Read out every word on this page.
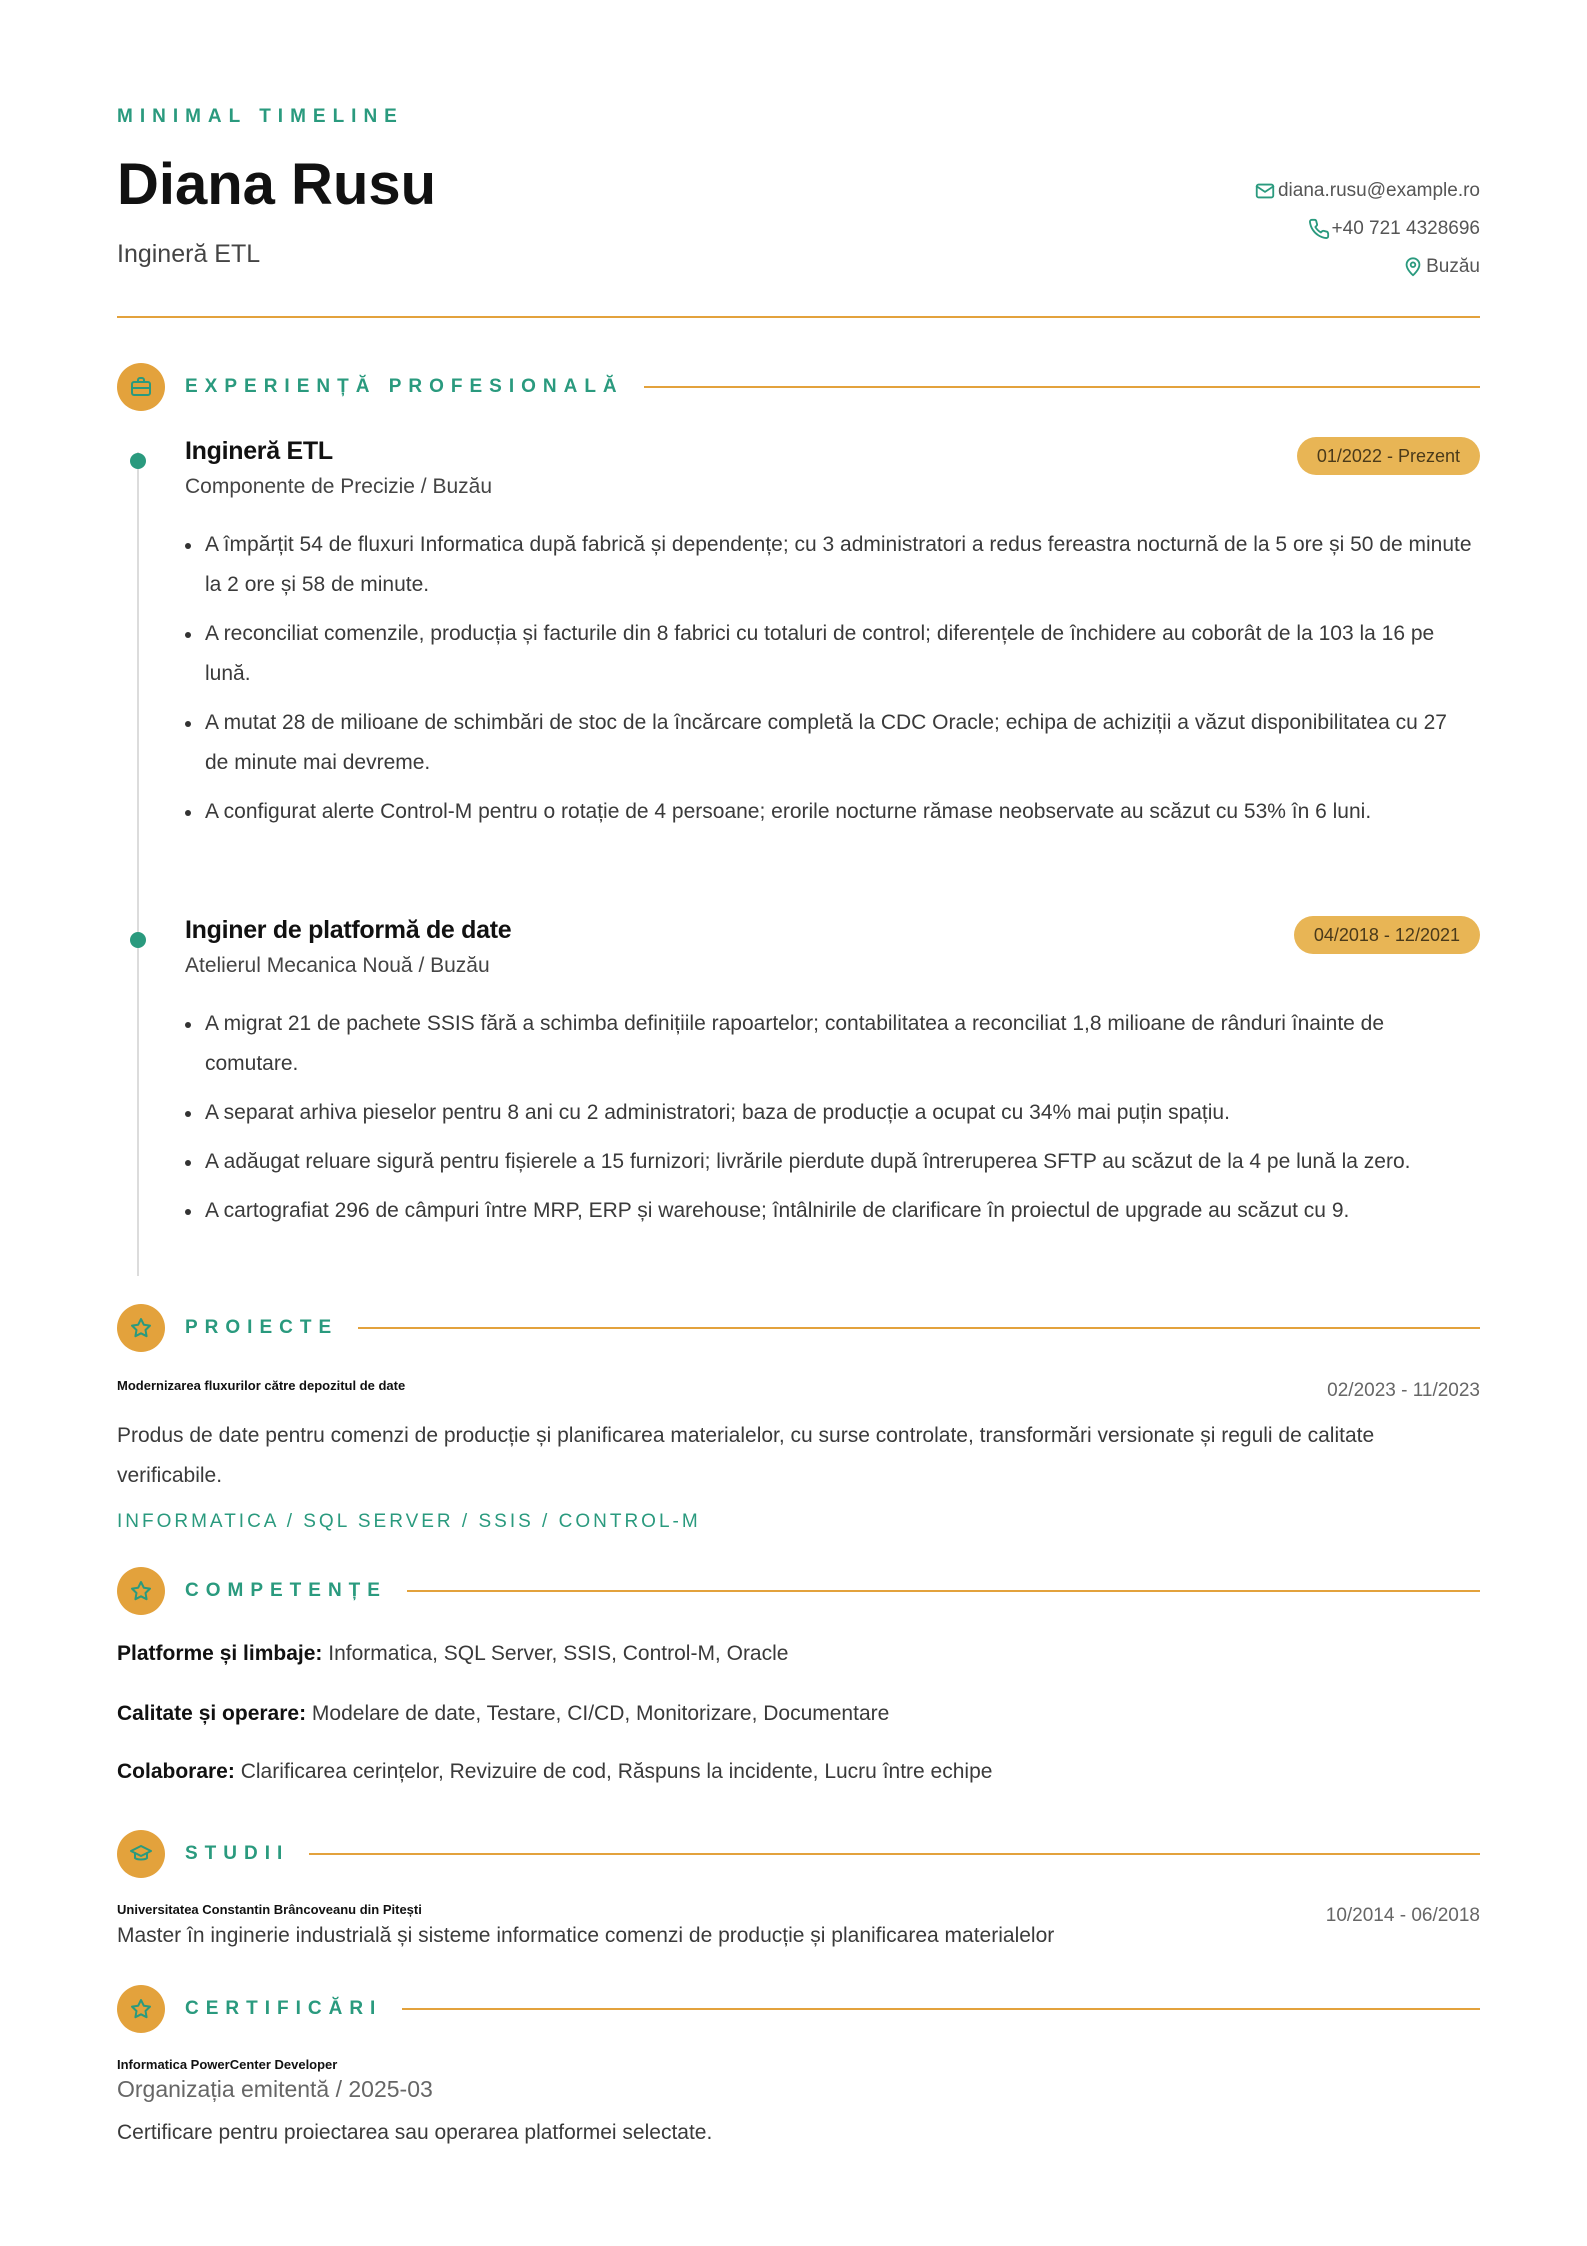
MINIMAL TIMELINE
Diana Rusu
Ingineră ETL
diana.rusu@example.ro
+40 721 4328696
Buzău
EXPERIENȚĂ PROFESIONALĂ
Ingineră ETL
Componente de Precizie / Buzău
01/2022 - Prezent
A împărțit 54 de fluxuri Informatica după fabrică și dependențe; cu 3 administratori a redus fereastra nocturnă de la 5 ore și 50 de minute la 2 ore și 58 de minute.
A reconciliat comenzile, producția și facturile din 8 fabrici cu totaluri de control; diferențele de închidere au coborât de la 103 la 16 pe lună.
A mutat 28 de milioane de schimbări de stoc de la încărcare completă la CDC Oracle; echipa de achiziții a văzut disponibilitatea cu 27 de minute mai devreme.
A configurat alerte Control-M pentru o rotație de 4 persoane; erorile nocturne rămase neobservate au scăzut cu 53% în 6 luni.
Inginer de platformă de date
Atelierul Mecanica Nouă / Buzău
04/2018 - 12/2021
A migrat 21 de pachete SSIS fără a schimba definițiile rapoartelor; contabilitatea a reconciliat 1,8 milioane de rânduri înainte de comutare.
A separat arhiva pieselor pentru 8 ani cu 2 administratori; baza de producție a ocupat cu 34% mai puțin spațiu.
A adăugat reluare sigură pentru fișierele a 15 furnizori; livrările pierdute după întreruperea SFTP au scăzut de la 4 pe lună la zero.
A cartografiat 296 de câmpuri între MRP, ERP și warehouse; întâlnirile de clarificare în proiectul de upgrade au scăzut cu 9.
PROIECTE
Modernizarea fluxurilor către depozitul de date	02/2023 - 11/2023
Produs de date pentru comenzi de producție și planificarea materialelor, cu surse controlate, transformări versionate și reguli de calitate verificabile.
INFORMATICA / SQL SERVER / SSIS / CONTROL-M
COMPETENȚE
Platforme și limbaje: Informatica, SQL Server, SSIS, Control-M, Oracle
Calitate și operare: Modelare de date, Testare, CI/CD, Monitorizare, Documentare
Colaborare: Clarificarea cerințelor, Revizuire de cod, Răspuns la incidente, Lucru între echipe
STUDII
Universitatea Constantin Brâncoveanu din Pitești	10/2014 - 06/2018
Master în inginerie industrială și sisteme informatice comenzi de producție și planificarea materialelor
CERTIFICĂRI
Informatica PowerCenter Developer
Organizația emitentă / 2025-03
Certificare pentru proiectarea sau operarea platformei selectate.
